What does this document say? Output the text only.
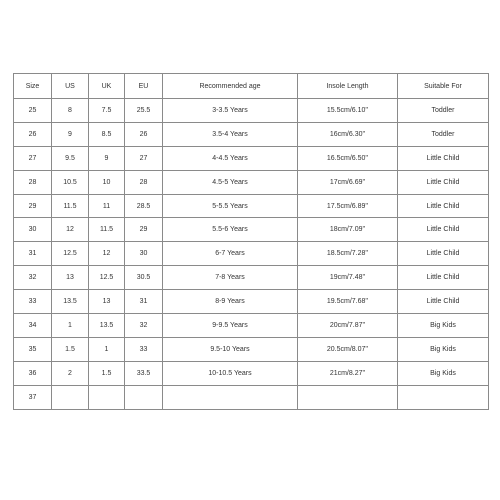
Size	US	UK	EU	Recommended age	Insole Length	Suitable For
25	8	7.5	25.5	3-3.5 Years	15.5cm/6.10''	Toddler
26	9	8.5	26	3.5-4 Years	16cm/6.30''	Toddler
27	9.5	9	27	4-4.5 Years	16.5cm/6.50''	Little Child
28	10.5	10	28	4.5-5 Years	17cm/6.69''	Little Child
29	11.5	11	28.5	5-5.5 Years	17.5cm/6.89''	Little Child
30	12	11.5	29	5.5-6 Years	18cm/7.09''	Little Child
31	12.5	12	30	6-7 Years	18.5cm/7.28''	Little Child
32	13	12.5	30.5	7-8 Years	19cm/7.48''	Little Child
33	13.5	13	31	8-9 Years	19.5cm/7.68''	Little Child
34	1	13.5	32	9-9.5 Years	20cm/7.87''	Big Kids
35	1.5	1	33	9.5-10 Years	20.5cm/8.07''	Big Kids
36	2	1.5	33.5	10-10.5 Years	21cm/8.27''	Big Kids
37						
